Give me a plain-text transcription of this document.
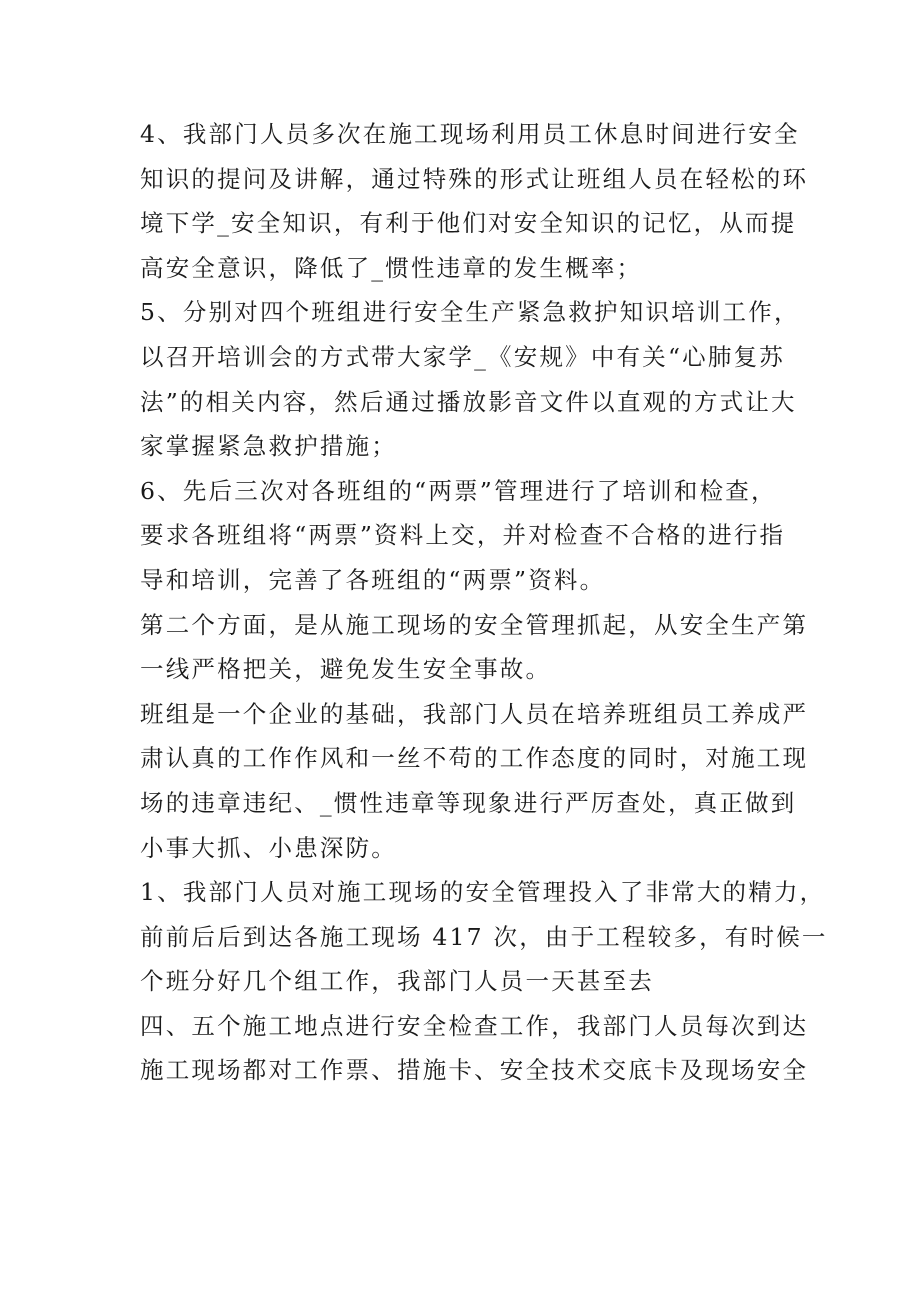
4、我部门人员多次在施工现场利用员工休息时间进行安全
知识的提问及讲解，通过特殊的形式让班组人员在轻松的环
境下学_安全知识，有利于他们对安全知识的记忆，从而提
高安全意识，降低了_惯性违章的发生概率；
5、分别对四个班组进行安全生产紧急救护知识培训工作，
以召开培训会的方式带大家学_《安规》中有关“心肺复苏
法”的相关内容，然后通过播放影音文件以直观的方式让大
家掌握紧急救护措施；
6、先后三次对各班组的“两票”管理进行了培训和检查，
要求各班组将“两票”资料上交，并对检查不合格的进行指
导和培训，完善了各班组的“两票”资料。
第二个方面，是从施工现场的安全管理抓起，从安全生产第
一线严格把关，避免发生安全事故。
班组是一个企业的基础，我部门人员在培养班组员工养成严
肃认真的工作作风和一丝不苟的工作态度的同时，对施工现
场的违章违纪、_惯性违章等现象进行严厉查处，真正做到
小事大抓、小患深防。
1、我部门人员对施工现场的安全管理投入了非常大的精力，
前前后后到达各施工现场 417 次，由于工程较多，有时候一
个班分好几个组工作，我部门人员一天甚至去
四、五个施工地点进行安全检查工作，我部门人员每次到达
施工现场都对工作票、措施卡、安全技术交底卡及现场安全
